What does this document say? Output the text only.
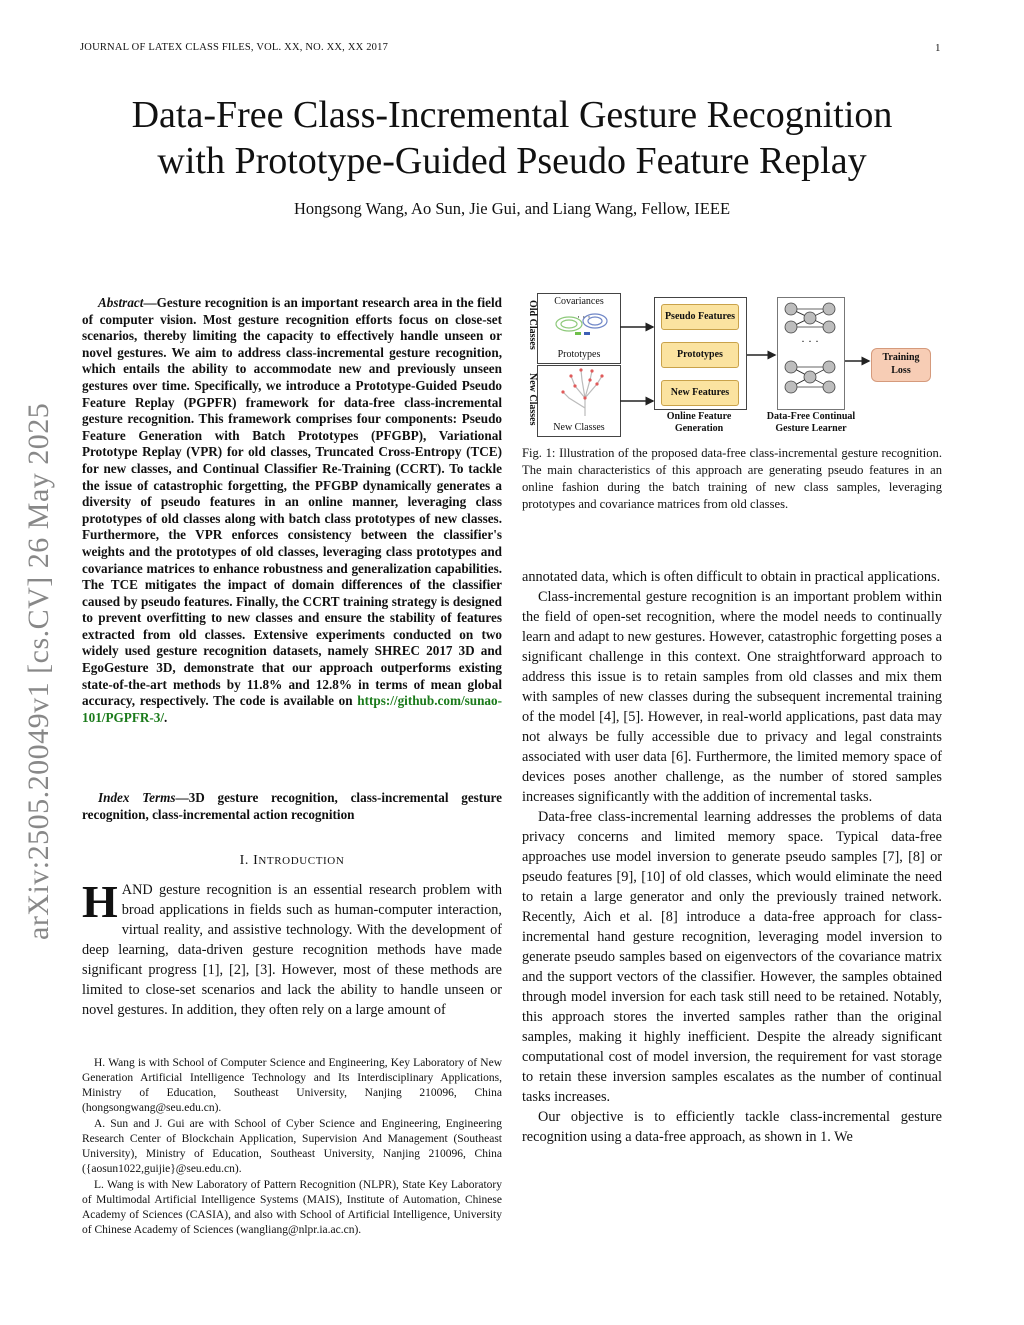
JOURNAL OF LATEX CLASS FILES, VOL. XX, NO. XX, XX 2017	1
arXiv:2505.20049v1 [cs.CV] 26 May 2025
Data-Free Class-Incremental Gesture Recognition
with Prototype-Guided Pseudo Feature Replay
Hongsong Wang, Ao Sun, Jie Gui, and Liang Wang, Fellow, IEEE
Abstract—Gesture recognition is an important research area in the field of computer vision. Most gesture recognition efforts focus on close-set scenarios, thereby limiting the capacity to effectively handle unseen or novel gestures. We aim to address class-incremental gesture recognition, which entails the ability to accommodate new and previously unseen gestures over time. Specifically, we introduce a Prototype-Guided Pseudo Feature Replay (PGPFR) framework for data-free class-incremental gesture recognition. This framework comprises four components: Pseudo Feature Generation with Batch Prototypes (PFGBP), Variational Prototype Replay (VPR) for old classes, Truncated Cross-Entropy (TCE) for new classes, and Continual Classifier Re-Training (CCRT). To tackle the issue of catastrophic forgetting, the PFGBP dynamically generates a diversity of pseudo features in an online manner, leveraging class prototypes of old classes along with batch class prototypes of new classes. Furthermore, the VPR enforces consistency between the classifier's weights and the prototypes of old classes, leveraging class prototypes and covariance matrices to enhance robustness and generalization capabilities. The TCE mitigates the impact of domain differences of the classifier caused by pseudo features. Finally, the CCRT training strategy is designed to prevent overfitting to new classes and ensure the stability of features extracted from old classes. Extensive experiments conducted on two widely used gesture recognition datasets, namely SHREC 2017 3D and EgoGesture 3D, demonstrate that our approach outperforms existing state-of-the-art methods by 11.8% and 12.8% in terms of mean global accuracy, respectively. The code is available on https://github.com/sunao-101/PGPFR-3/.
Index Terms—3D gesture recognition, class-incremental gesture recognition, class-incremental action recognition
I. INTRODUCTION
HAND gesture recognition is an essential research problem with broad applications in fields such as human-computer interaction, virtual reality, and assistive technology. With the development of deep learning, data-driven gesture recognition methods have made significant progress [1], [2], [3]. However, most of these methods are limited to close-set scenarios and lack the ability to handle unseen or novel gestures. In addition, they often rely on a large amount of

H. Wang is with School of Computer Science and Engineering, Key Laboratory of New Generation Artificial Intelligence Technology and Its Interdisciplinary Applications, Ministry of Education, Southeast University, Nanjing 210096, China (hongsongwang@seu.edu.cn).

A. Sun and J. Gui are with School of Cyber Science and Engineering, Engineering Research Center of Blockchain Application, Supervision And Management (Southeast University), Ministry of Education, Southeast University, Nanjing 210096, China ({aosun1022,guijie}@seu.edu.cn).

L. Wang is with New Laboratory of Pattern Recognition (NLPR), State Key Laboratory of Multimodal Artificial Intelligence Systems (MAIS), Institute of Automation, Chinese Academy of Sciences (CASIA), and also with School of Artificial Intelligence, University of Chinese Academy of Sciences (wangliang@nlpr.ia.ac.cn).

Old Classes	Covariances
· · ·
Prototypes
New Classes
New Classes
Pseudo Features
Prototypes
New Features
Online Feature
Generation
· · ·
Data-Free Continual
Gesture Learner
Training
Loss
Fig. 1: Illustration of the proposed data-free class-incremental gesture recognition. The main characteristics of this approach are generating pseudo features in an online fashion during the batch training of new class samples, leveraging prototypes and covariance matrices from old classes.

annotated data, which is often difficult to obtain in practical applications.

Class-incremental gesture recognition is an important problem within the field of open-set recognition, where the model needs to continually learn and adapt to new gestures. However, catastrophic forgetting poses a significant challenge in this context. One straightforward approach to address this issue is to retain samples from old classes and mix them with samples of new classes during the subsequent incremental training of the model [4], [5]. However, in real-world applications, past data may not always be fully accessible due to privacy and legal constraints associated with user data [6]. Furthermore, the limited memory space of devices poses another challenge, as the number of stored samples increases significantly with the addition of incremental tasks.

Data-free class-incremental learning addresses the problems of data privacy concerns and limited memory space. Typical data-free approaches use model inversion to generate pseudo samples [7], [8] or pseudo features [9], [10] of old classes, which would eliminate the need to retain a large generator and only the previously trained network. Recently, Aich et al. [8] introduce a data-free approach for class-incremental hand gesture recognition, leveraging model inversion to generate pseudo samples based on eigenvectors of the covariance matrix and the support vectors of the classifier. However, the samples obtained through model inversion for each task still need to be retained. Notably, this approach stores the inverted samples rather than the original samples, making it highly inefficient. Despite the already significant computational cost of model inversion, the requirement for vast storage to retain these inversion samples escalates as the number of continual tasks increases.

Our objective is to efficiently tackle class-incremental gesture recognition using a data-free approach, as shown in 1. We
